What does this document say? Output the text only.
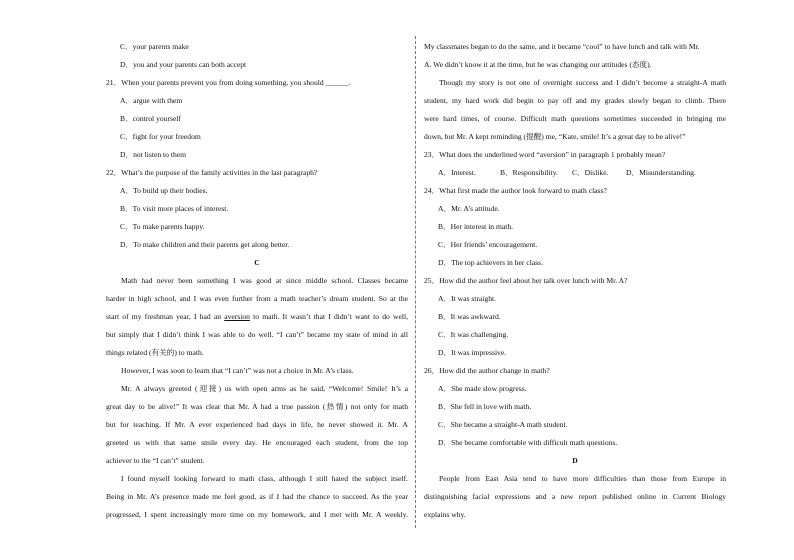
C．your parents make
D．you and your parents can both accept
21．When your parents prevent you from doing something, you should ______.
A．argue with them
B．control yourself
C．fight for your freedom
D．not listen to them
22．What’s the purpose of the family activities in the last paragraph?
A．To build up their bodies.
B．To visit more places of interest.
C．To make parents happy.
D．To make children and their parents get along better.
C
Math had never been something I was good at since middle school. Classes became
harder in high school, and I was even further from a math teacher’s dream student. So at the
start of my freshman year, I had an aversion to math. It wasn’t that I didn’t want to do well,
but simply that I didn’t think I was able to do well. “I can’t” became my state of mind in all
things related (有关的) to math.
However, I was soon to learn that “I can’t” was not a choice in Mr. A’s class.
Mr. A always greeted (迎接) us with open arms as he said, “Welcome! Smile! It’s a
great day to be alive!” It was clear that Mr. A had a true passion (热情) not only for math
but for teaching. If Mr. A ever experienced bad days in life, he never showed it. Mr. A
greeted us with that same smile every day. He encouraged each student, from the top
achiever to the “I can’t” student.
I found myself looking forward to math class, although I still hated the subject itself.
Being in Mr. A’s presence made me feel good, as if I had the chance to succeed. As the year
progressed, I spent increasingly more time on my homework, and I met with Mr. A weekly.
My classmates began to do the same, and it became “cool” to have lunch and talk with Mr.
A. We didn’t know it at the time, but he was changing our attitudes (态度).
Though my story is not one of overnight success and I didn’t become a straight-A math
student, my hard work did begin to pay off and my grades slowly began to climb. There
were hard times, of course. Difficult math questions sometimes succeeded in bringing me
down, but Mr. A kept reminding (提醒) me, “Kate, smile! It’s a great day to be alive!”
23．What does the underlined word “aversion” in paragraph 1 probably mean?
A．Interest.	B．Responsibility.	C．Dislike.	D．Misunderstanding.
24．What first made the author look forward to math class?
A．Mr. A’s attitude.
B．Her interest in math.
C．Her friends’ encouragement.
D．The top achievers in her class.
25．How did the author feel about her talk over lunch with Mr. A?
A．It was straight.
B．It was awkward.
C．It was challenging.
D．It was impressive.
26．How did the author change in math?
A．She made slow progress.
B．She fell in love with math.
C．She became a straight-A math student.
D．She became comfortable with difficult math questions.
D
People from East Asia tend to have more difficulties than those from Europe in
distinguishing facial expressions and a new report published online in Current Biology
explains why.
